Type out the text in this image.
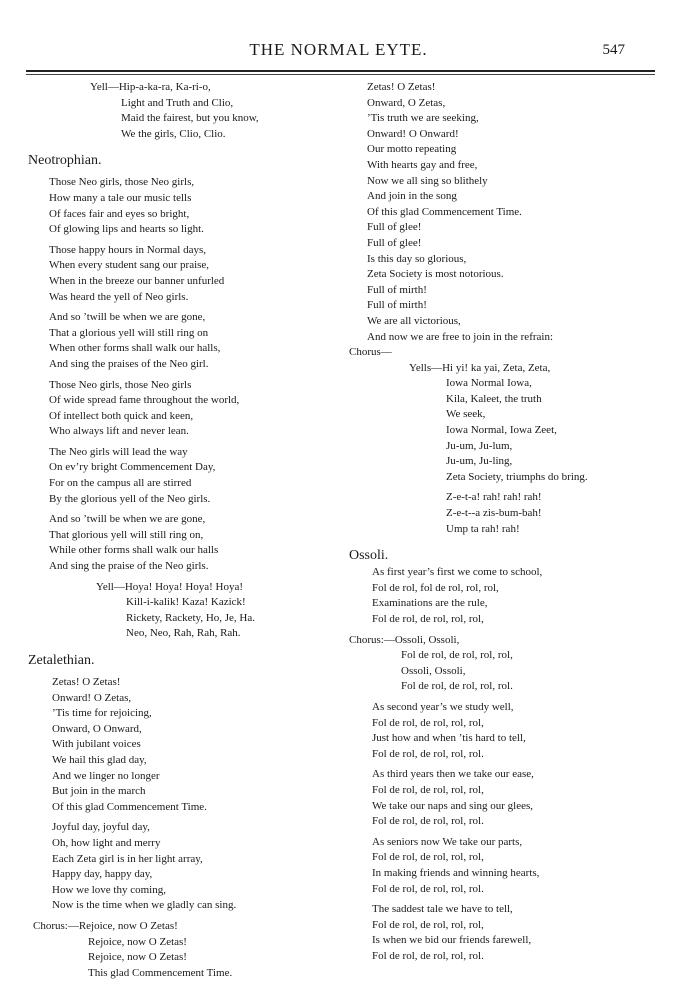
THE NORMAL EYTE.	547
Yell—Hip-a-ka-ra, Ka-ri-o,
Light and Truth and Clio,
Maid the fairest, but you know,
We the girls, Clio, Clio.
Neotrophian.
Those Neo girls, those Neo girls,
How many a tale our music tells
Of faces fair and eyes so bright,
Of glowing lips and hearts so light.
Those happy hours in Normal days,
When every student sang our praise,
When in the breeze our banner unfurled
Was heard the yell of Neo girls.
And so ’twill be when we are gone,
That a glorious yell will still ring on
When other forms shall walk our halls,
And sing the praises of the Neo girl.
Those Neo girls, those Neo girls
Of wide spread fame throughout the world,
Of intellect both quick and keen,
Who always lift and never lean.
The Neo girls will lead the way
On ev’ry bright Commencement Day,
For on the campus all are stirred
By the glorious yell of the Neo girls.
And so ’twill be when we are gone,
That glorious yell will still ring on,
While other forms shall walk our halls
And sing the praise of the Neo girls.
Yell—Hoya! Hoya! Hoya! Hoya!
Kill-i-kalik! Kaza! Kazick!
Rickety, Rackety, Ho, Je, Ha.
Neo, Neo, Rah, Rah, Rah.
Zetalethian.
Zetas! O Zetas!
Onward! O Zetas,
’Tis time for rejoicing,
Onward, O Onward,
With jubilant voices
We hail this glad day,
And we linger no longer
But join in the march
Of this glad Commencement Time.
Joyful day, joyful day,
Oh, how light and merry
Each Zeta girl is in her light array,
Happy day, happy day,
How we love thy coming,
Now is the time when we gladly can sing.
Chorus:—Rejoice, now O Zetas!
Rejoice, now O Zetas!
Rejoice, now O Zetas!
This glad Commencement Time.
Zetas! O Zetas!
Onward, O Zetas,
’Tis truth we are seeking,
Onward! O Onward!
Our motto repeating
With hearts gay and free,
Now we all sing so blithely
And join in the song
Of this glad Commencement Time.
Full of glee!
Full of glee!
Is this day so glorious,
Zeta Society is most notorious.
Full of mirth!
Full of mirth!
We are all victorious,
And now we are free to join in the refrain:
Chorus—
Yells—Hi yi! ka yai, Zeta, Zeta,
Iowa Normal Iowa,
Kila, Kaleet, the truth
We seek,
Iowa Normal, Iowa Zeet,
Ju-um, Ju-lum,
Ju-um, Ju-ling,
Zeta Society, triumphs do bring.
Z-e-t-a! rah! rah! rah!
Z-e-t--a zis-bum-bah!
Ump ta rah! rah!
Ossoli.
As first year’s first we come to school,
Fol de rol, fol de rol, rol, rol,
Examinations are the rule,
Fol de rol, de rol, rol, rol,
Chorus:—Ossoli, Ossoli,
Fol de rol, de rol, rol, rol,
Ossoli, Ossoli,
Fol de rol, de rol, rol, rol.
As second year’s we study well,
Fol de rol, de rol, rol, rol,
Just how and when ’tis hard to tell,
Fol de rol, de rol, rol, rol.
As third years then we take our ease,
Fol de rol, de rol, rol, rol,
We take our naps and sing our glees,
Fol de rol, de rol, rol, rol.
As seniors now We take our parts,
Fol de rol, de rol, rol, rol,
In making friends and winning hearts,
Fol de rol, de rol, rol, rol.
The saddest tale we have to tell,
Fol de rol, de rol, rol, rol,
Is when we bid our friends farewell,
Fol de rol, de rol, rol, rol.
